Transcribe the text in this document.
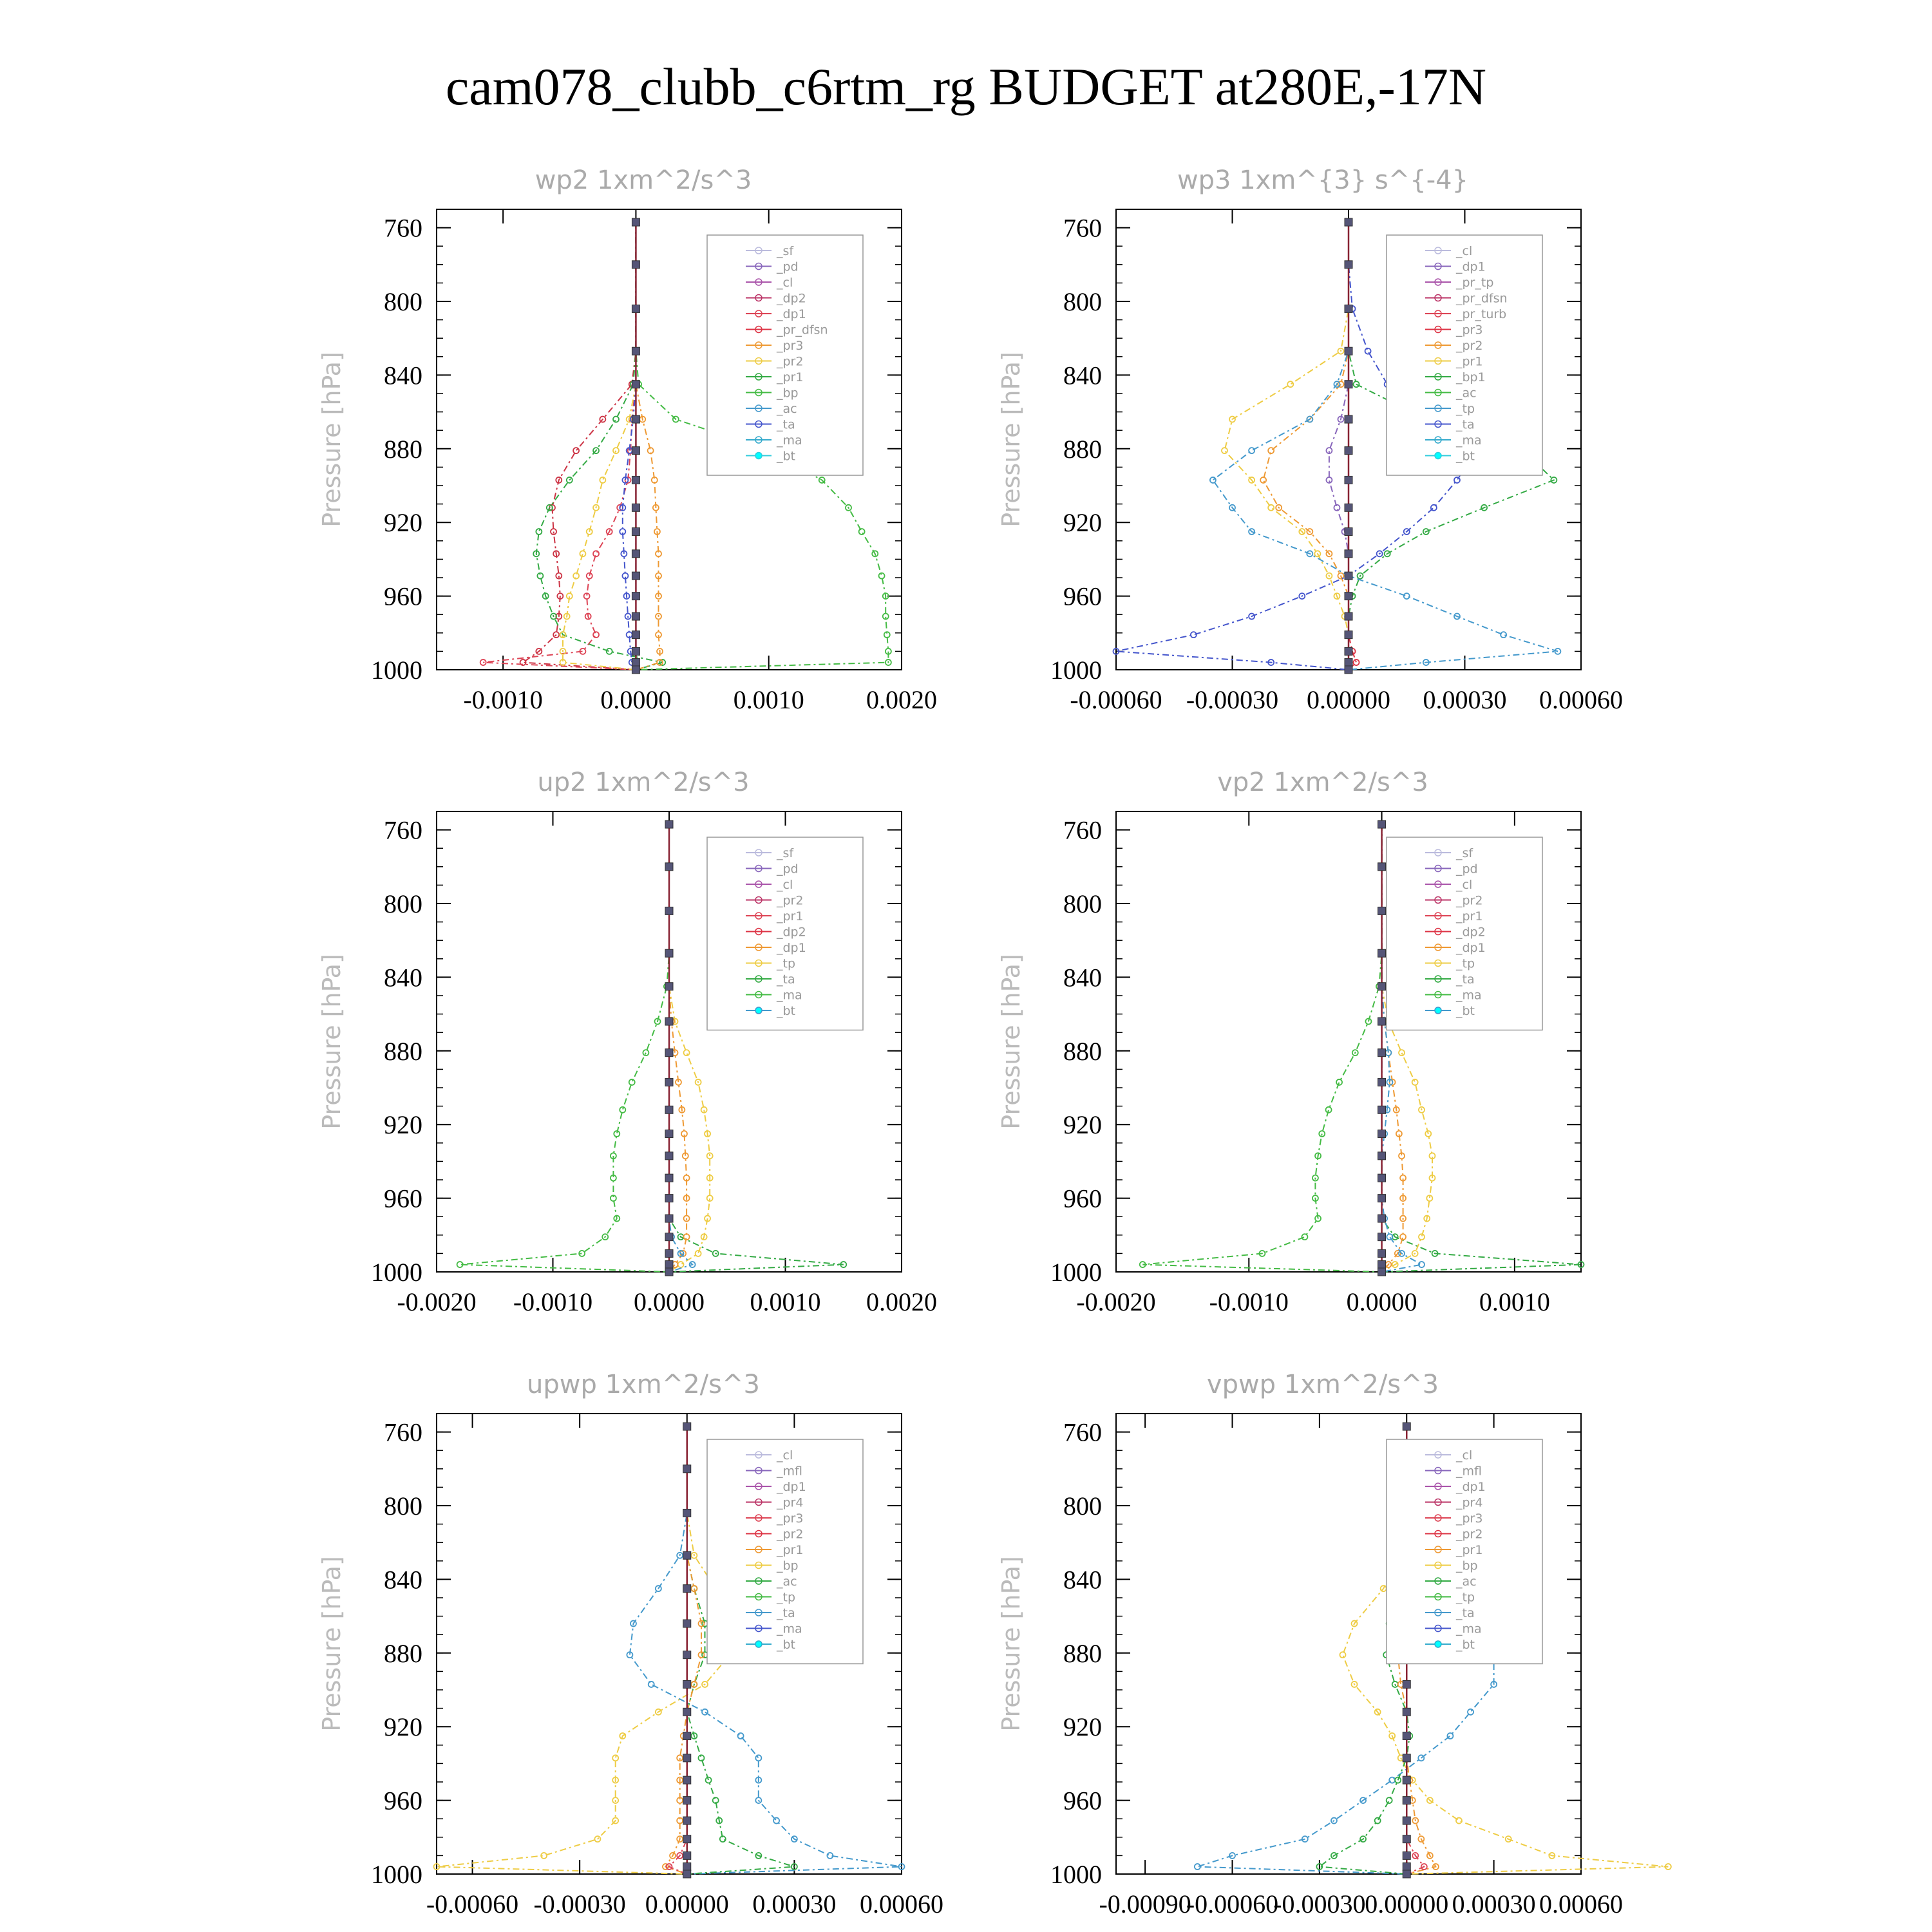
cam078_clubb_c6rtm_rg BUDGET at280E,-17N
wp2 1xm^2/s^3
Pressure [hPa]
760
800
840
880
920
960
1000
-0.0010 0.0000 0.0010 0.0020
_sf
_pd
_cl
_dp2
_dp1
_pr_dfsn
_pr3
_pr2
_pr1
_bp
_ac
_ta
_ma
_bt
wp3 1xm^{3} s^{-4}
Pressure [hPa]
760
800
840
880
920
960
1000
-0.00060 -0.00030 0.00000 0.00030 0.00060
_cl
_dp1
_pr_tp
_pr_dfsn
_pr_turb
_pr3
_pr2
_pr1
_bp1
_ac
_tp
_ta
_ma
_bt
up2 1xm^2/s^3
Pressure [hPa]
760
800
840
880
920
960
1000
-0.0020 -0.0010 0.0000 0.0010 0.0020
_sf
_pd
_cl
_pr2
_pr1
_dp2
_dp1
_tp
_ta
_ma
_bt
vp2 1xm^2/s^3
Pressure [hPa]
760
800
840
880
920
960
1000
-0.0020 -0.0010 0.0000 0.0010
_sf
_pd
_cl
_pr2
_pr1
_dp2
_dp1
_tp
_ta
_ma
_bt
upwp 1xm^2/s^3
Pressure [hPa]
760
800
840
880
920
960
1000
-0.00060 -0.00030 0.00000 0.00030 0.00060
_cl
_mfl
_dp1
_pr4
_pr3
_pr2
_pr1
_bp
_ac
_tp
_ta
_ma
_bt
vpwp 1xm^2/s^3
Pressure [hPa]
760
800
840
880
920
960
1000
-0.00090
-0.00060
-0.00030
0.00000 0.00030 0.00060
_cl
_mfl
_dp1
_pr4
_pr3
_pr2
_pr1
_bp
_ac
_tp
_ta
_ma
_bt
